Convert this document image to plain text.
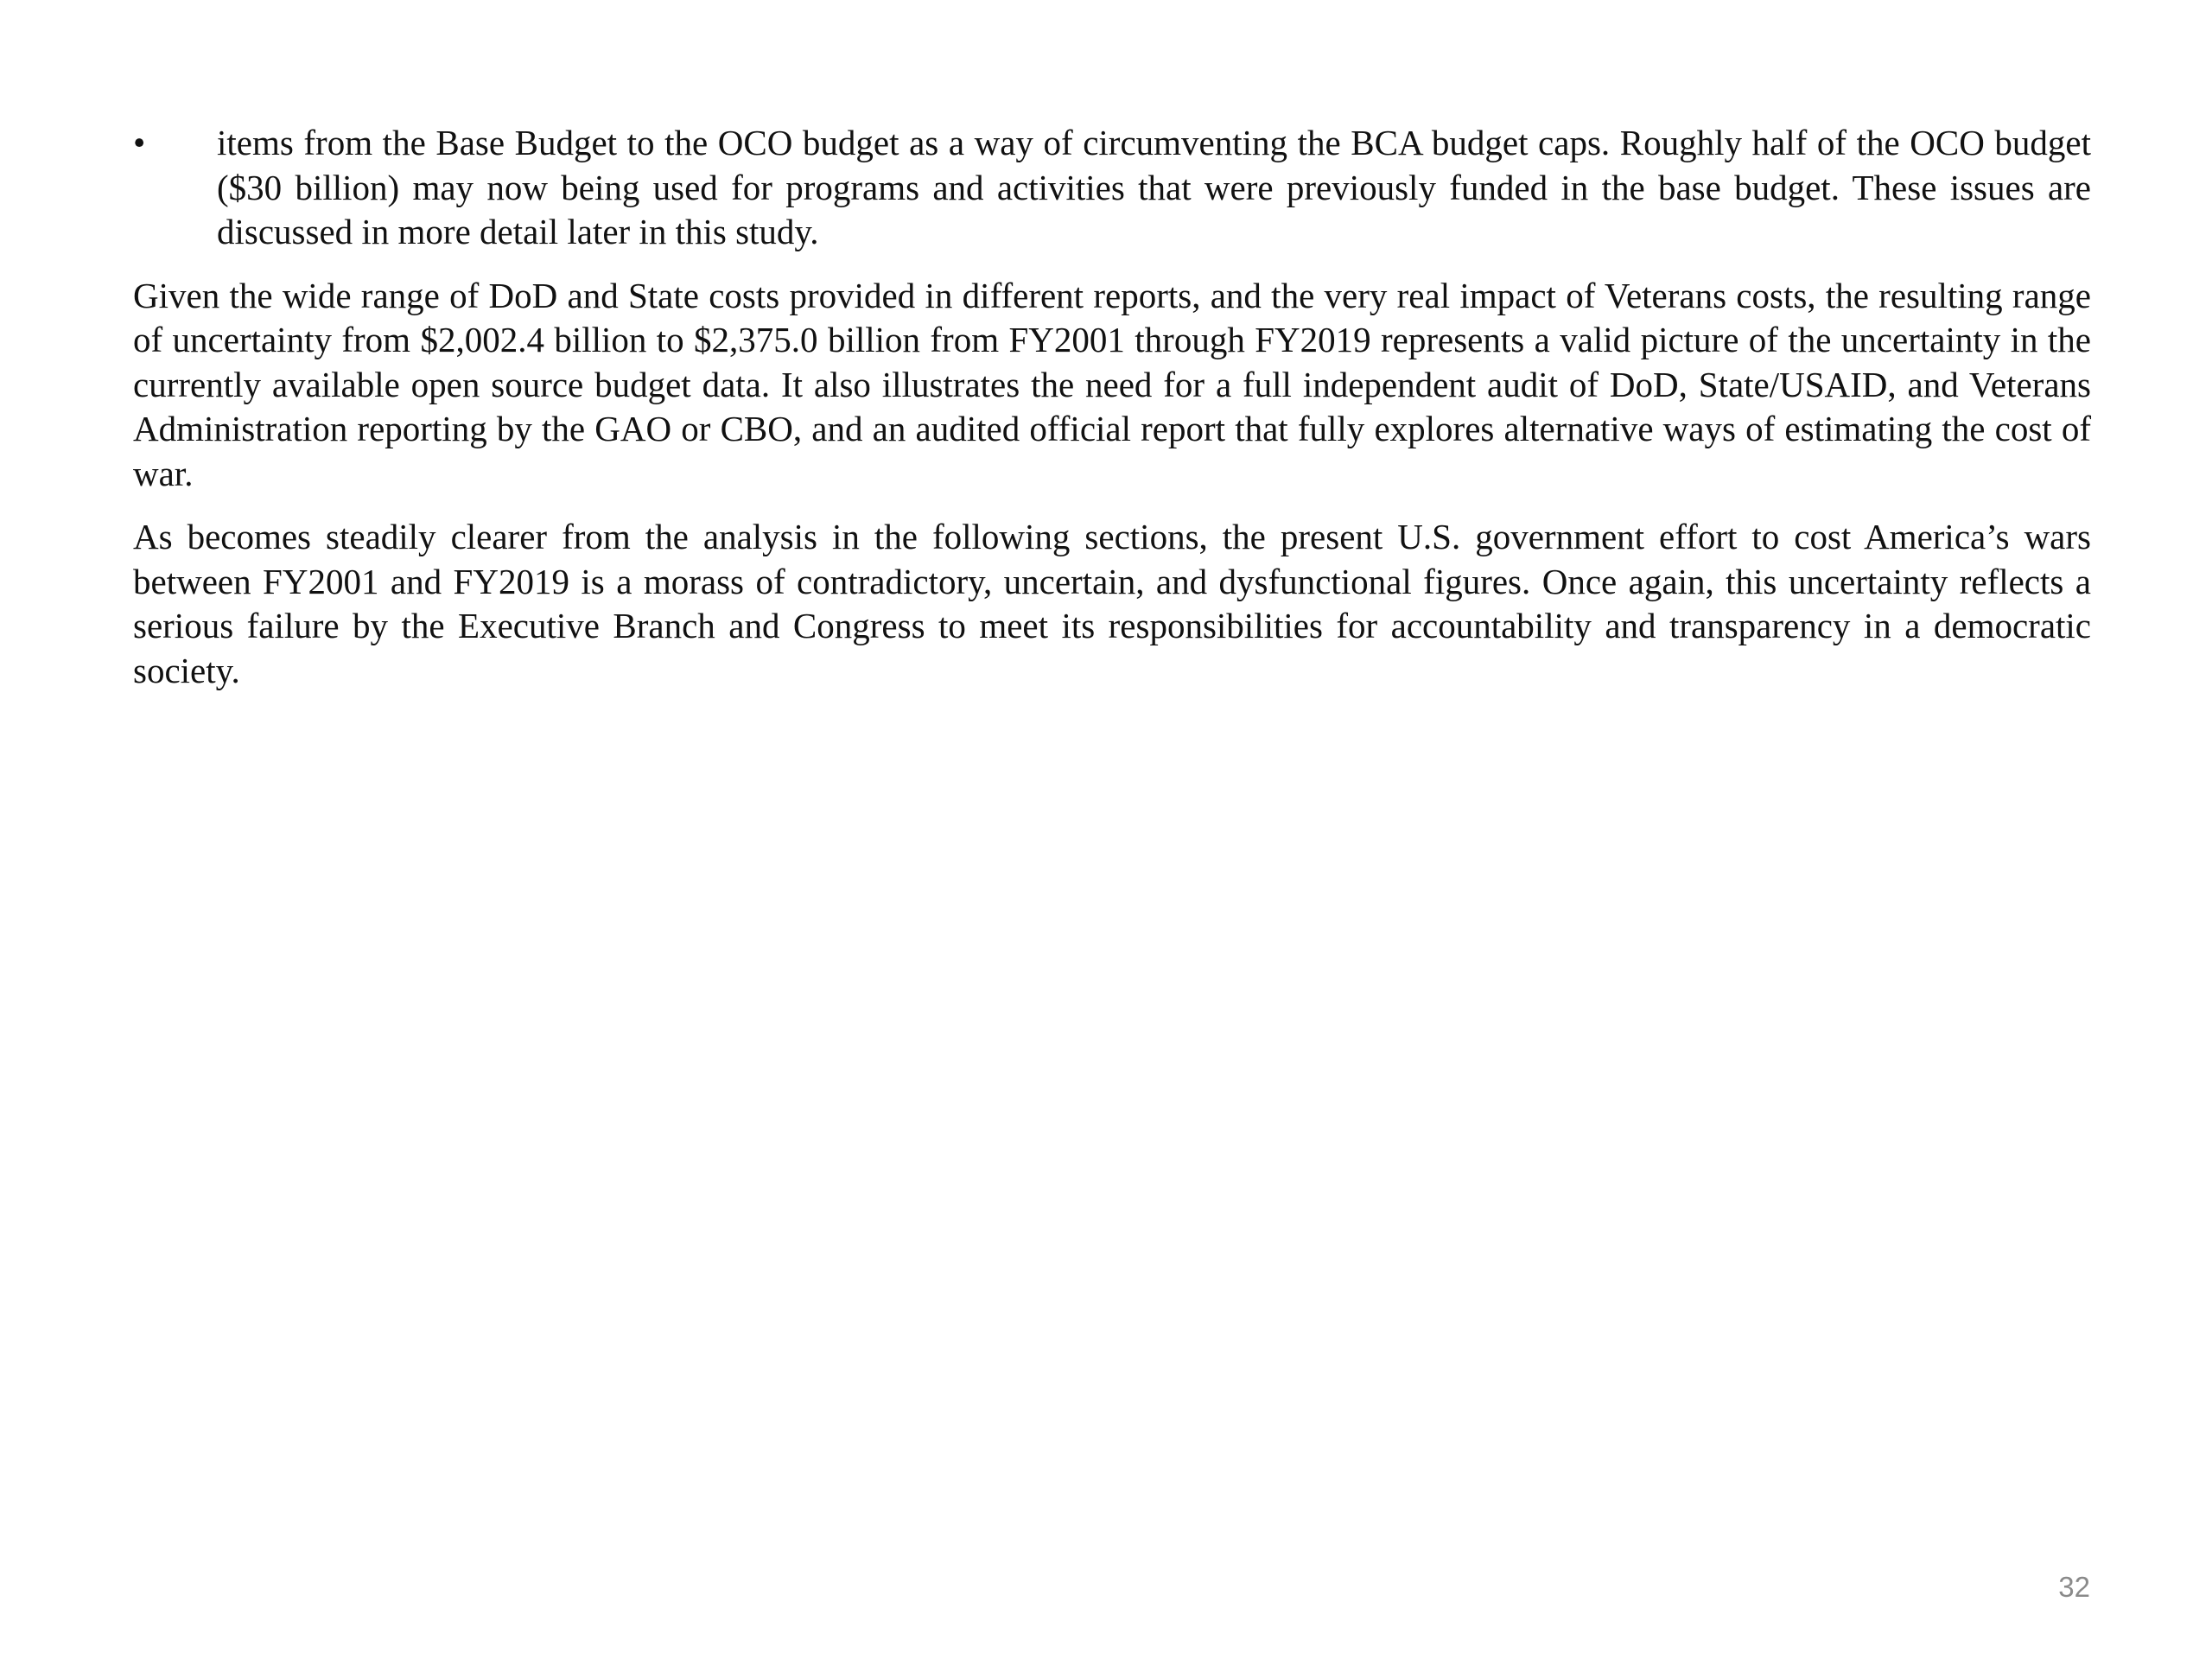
•	items from the Base Budget to the OCO budget as a way of circumventing the BCA budget caps. Roughly half of the OCO budget ($30 billion) may now being used for programs and activities that were previously funded in the base budget. These issues are discussed in more detail later in this study.

Given the wide range of DoD and State costs provided in different reports, and the very real impact of Veterans costs, the resulting range of uncertainty from $2,002.4 billion to $2,375.0 billion from FY2001 through FY2019 represents a valid picture of the uncertainty in the currently available open source budget data. It also illustrates the need for a full independent audit of DoD, State/USAID, and Veterans Administration reporting by the GAO or CBO, and an audited official report that fully explores alternative ways of estimating the cost of war.

As becomes steadily clearer from the analysis in the following sections, the present U.S. government effort to cost America’s wars between FY2001 and FY2019 is a morass of contradictory, uncertain, and dysfunctional figures. Once again, this uncertainty reflects a serious failure by the Executive Branch and Congress to meet its responsibilities for accountability and transparency in a democratic society.

32
